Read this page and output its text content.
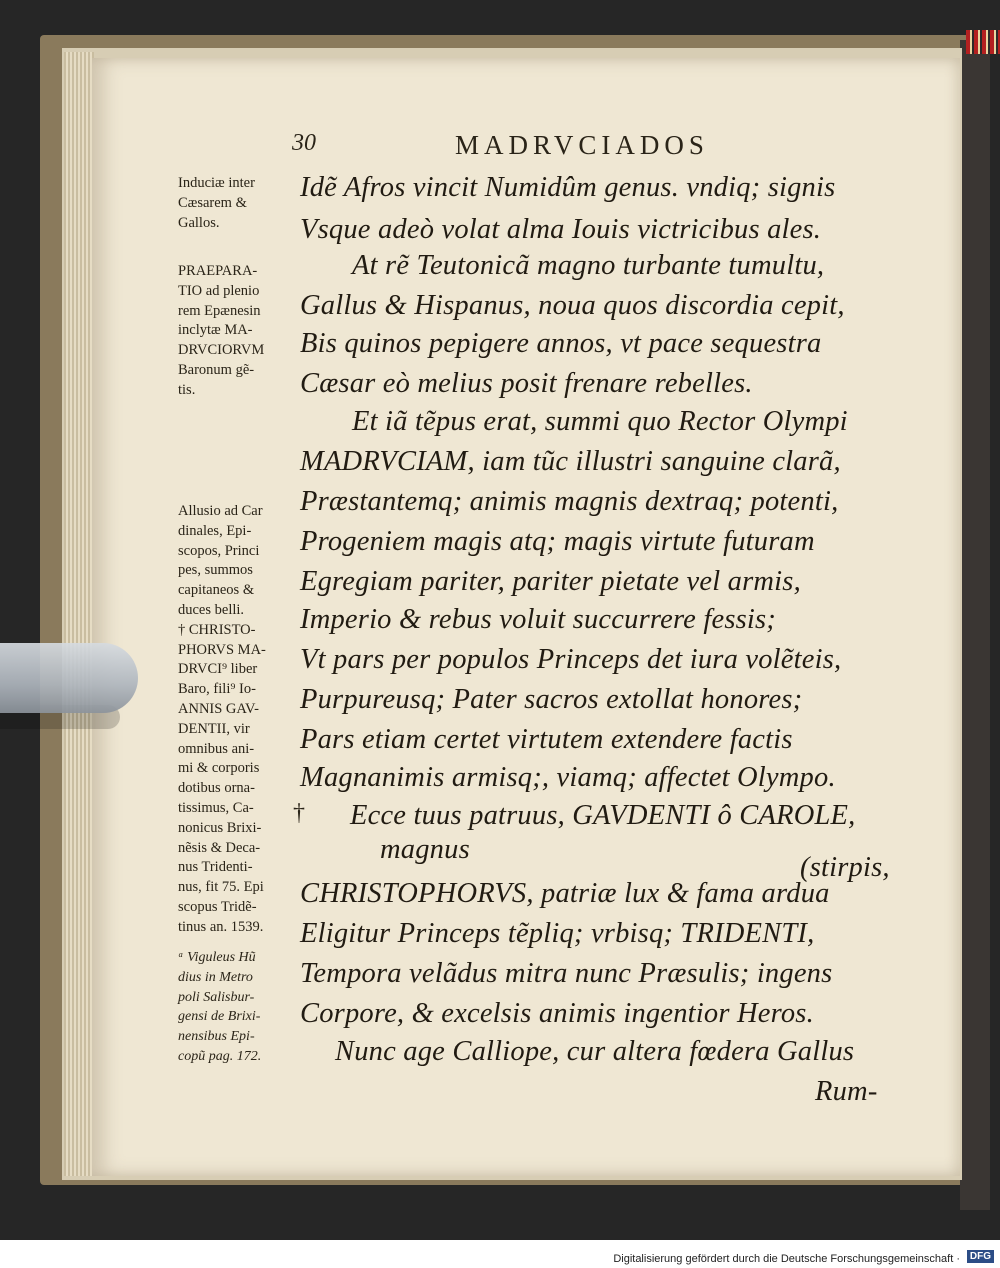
30	MADRVCIADOS
Induciæ inter
Cæsarem &
Gallos.
PRAEPARA-
TIO ad plenio
rem Epænesin
inclytæ MA-
DRVCIORVM
Baronum gẽ-
tis.
Allusio ad Car
dinales, Epi-
scopos, Princi
pes, summos
capitaneos &
duces belli.
† CHRISTO-
PHORVS MA-
DRVCI⁹ liber
Baro, fili⁹ Io-
ANNIS GAV-
DENTII, vir
omnibus ani-
mi & corporis
dotibus orna-
tissimus, Ca-
nonicus Brixi-
nẽsis & Deca-
nus Tridenti-
nus, fit 75. Epi
scopus Tridẽ-
tinus an. 1539.
ᵃ Viguleus Hũ
dius in Metro
poli Salisbur-
gensi de Brixi-
nensibus Epi-
copũ pag. 172.
Idẽ Afros vincit Numidûm genus. vndiq; signis
Vsque adeò volat alma Iouis victricibus ales.
At rẽ Teutonicã magno turbante tumultu,
Gallus & Hispanus, noua quos discordia cepit,
Bis quinos pepigere annos, vt pace sequestra
Cæsar eò melius posit frenare rebelles.
Et iã tẽpus erat, summi quo Rector Olympi
MADRVCIAM, iam tũc illustri sanguine clarã,
Præstantemq; animis magnis dextraq; potenti,
Progeniem magis atq; magis virtute futuram
Egregiam pariter, pariter pietate vel armis,
Imperio & rebus voluit succurrere fessis;
Vt pars per populos Princeps det iura volẽteis,
Purpureusq; Pater sacros extollat honores;
Pars etiam certet virtutem extendere factis
Magnanimis armisq;, viamq; affectet Olympo.
† Ecce tuus patruus, GAVDENTI ô CAROLE,
magnus
(stirpis,
CHRISTOPHORVS, patriæ lux & fama ardua
Eligitur Princeps tẽpliq; vrbisq; TRIDENTI,
Tempora velãdus mitra nunc Præsulis; ingens
Corpore, & excelsis animis ingentior Heros.
Nunc age Calliope, cur altera fœdera Gallus
Rum-
Digitalisierung gefördert durch die Deutsche Forschungsgemeinschaft · DFG
